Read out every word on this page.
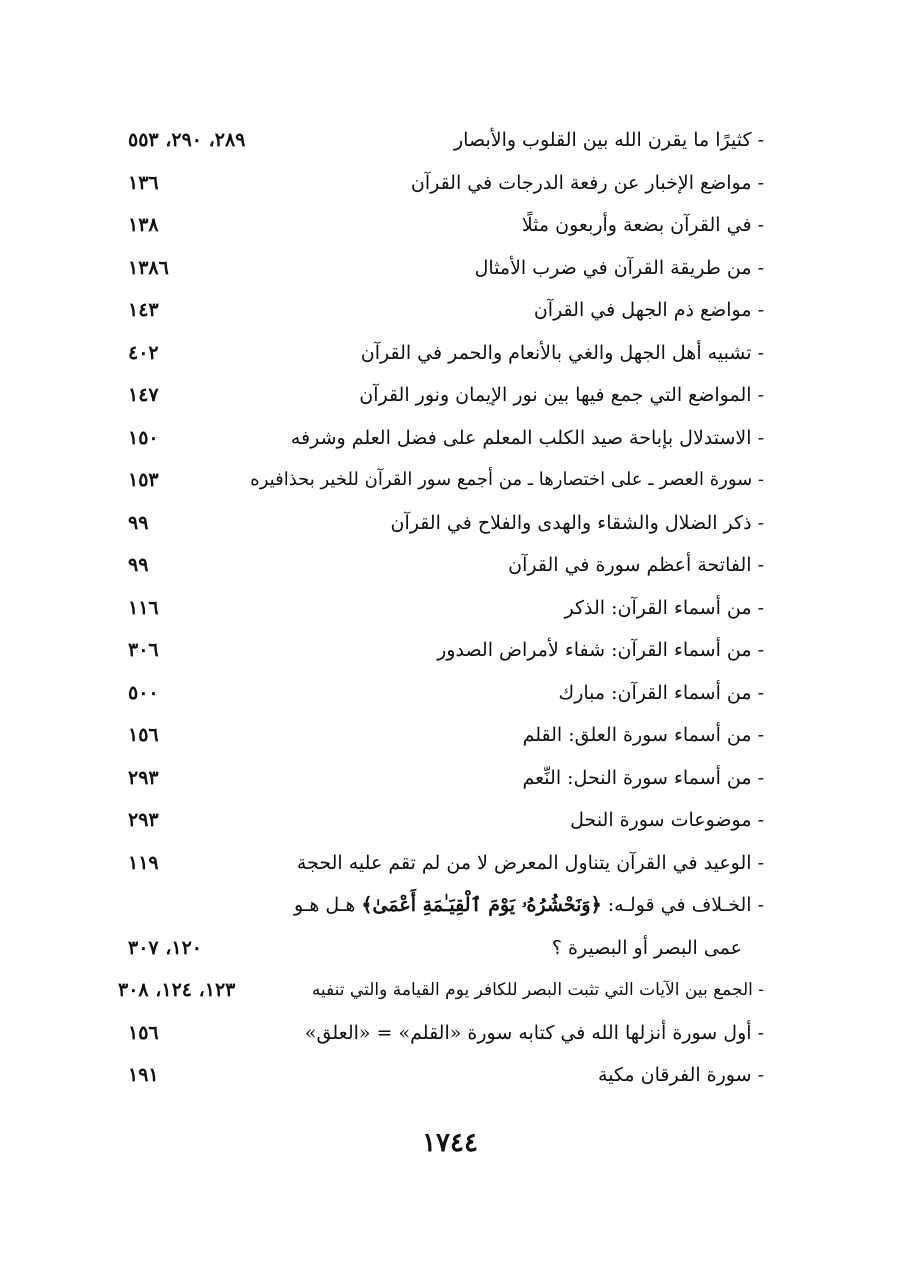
- كثيرًا ما يقرن الله بين القلوب والأبصار
٢٨٩، ٢٩٠، ٥٥٣
- مواضع الإخبار عن رفعة الدرجات في القرآن
١٣٦
- في القرآن بضعة وأربعون مثلًا
١٣٨
- من طريقة القرآن في ضرب الأمثال
١٣٨٦
- مواضع ذم الجهل في القرآن
١٤٣
- تشبيه أهل الجهل والغي بالأنعام والحمر في القرآن
٤٠٢
- المواضع التي جمع فيها بين نور الإيمان ونور القرآن
١٤٧
- الاستدلال بإباحة صيد الكلب المعلم على فضل العلم وشرفه
١٥٠
- سورة العصر ـ على اختصارها ـ من أجمع سور القرآن للخير بحذافيره
١٥٣
- ذكر الضلال والشقاء والهدى والفلاح في القرآن
٩٩
- الفاتحة أعظم سورة في القرآن
٩٩
- من أسماء القرآن: الذكر
١١٦
- من أسماء القرآن: شفاء لأمراض الصدور
٣٠٦
- من أسماء القرآن: مبارك
٥٠٠
- من أسماء سورة العلق: القلم
١٥٦
- من أسماء سورة النحل: النِّعم
٢٩٣
- موضوعات سورة النحل
٢٩٣
- الوعيد في القرآن يتناول المعرض لا من لم تقم عليه الحجة
١١٩
- الخـلاف في قولـه: ﴿وَنَحْشُرُهُۥ يَوْمَ ٱلْقِيَـٰمَةِ أَعْمَىٰ﴾ هـل هـو
عمى البصر أو البصيرة ؟
١٢٠، ٣٠٧
- الجمع بين الآيات التي تثبت البصر للكافر يوم القيامة والتي تنفيه
١٢٣، ١٢٤، ٣٠٨
- أول سورة أنزلها الله في كتابه سورة «القلم» = «العلق»
١٥٦
- سورة الفرقان مكية
١٩١
١٧٤٤
